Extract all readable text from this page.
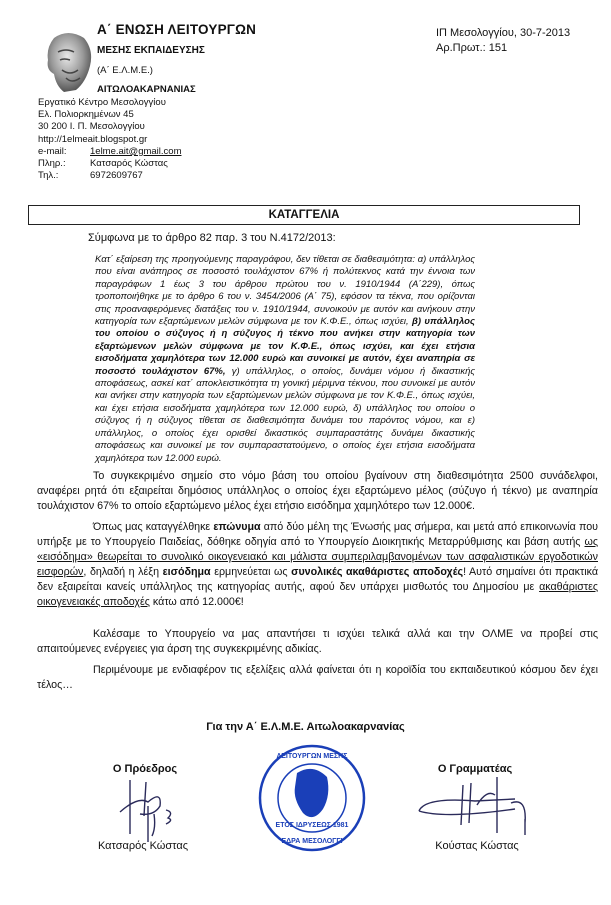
Α΄ ΕΝΩΣΗ ΛΕΙΤΟΥΡΓΩΝ
ΜΕΣΗΣ ΕΚΠΑΙΔΕΥΣΗΣ
(Α΄ Ε.Λ.Μ.Ε.)
ΑΙΤΩΛΟΑΚΑΡΝΑΝΙΑΣ
Εργατικό Κέντρο Μεσολογγίου
Ελ. Πολιορκημένων 45
30 200 Ι. Π. Μεσολογγίου
http://1elmeait.blogspot.gr
e-mail:	1elme.ait@gmail.com
Πληρ.:	Κατσαρός Κώστας
Τηλ.:	6972609767
ΙΠ Μεσολογγίου, 30-7-2013
Αρ.Πρωτ.: 151
ΚΑΤΑΓΓΕΛΙΑ
Σύμφωνα με το άρθρο 82 παρ. 3 του Ν.4172/2013:
Κατ΄ εξαίρεση της προηγούμενης παραγράφου, δεν τίθεται σε διαθεσιμότητα: α) υπάλληλος που είναι ανάπηρος σε ποσοστό τουλάχιστον 67% ή πολύτεκνος κατά την έννοια των παραγράφων 1 έως 3 του άρθρου πρώτου του ν. 1910/1944 (Α΄229), όπως τροποποιήθηκε με το άρθρο 6 του ν. 3454/2006 (Α΄ 75), εφόσον τα τέκνα, που ορίζονται στις προαναφερόμενες διατάξεις του ν. 1910/1944, συνοικούν με αυτόν και ανήκουν στην κατηγορία των εξαρτώμενων μελών σύμφωνα με τον Κ.Φ.Ε., όπως ισχύει, β) υπάλληλος του οποίου ο σύζυγος ή η σύζυγος ή τέκνο που ανήκει στην κατηγορία των εξαρτώμενων μελών σύμφωνα με τον Κ.Φ.Ε., όπως ισχύει, και έχει ετήσια εισοδήματα χαμηλότερα των 12.000 ευρώ και συνοικεί με αυτόν, έχει αναπηρία σε ποσοστό τουλάχιστον 67%, γ) υπάλληλος, ο οποίος, δυνάμει νόμου ή δικαστικής αποφάσεως, ασκεί κατ΄ αποκλειστικότητα τη γονική μέριμνα τέκνου, που συνοικεί με αυτόν και ανήκει στην κατηγορία των εξαρτώμενων μελών σύμφωνα με τον Κ.Φ.Ε., όπως ισχύει, και έχει ετήσια εισοδήματα χαμηλότερα των 12.000 ευρώ, δ) υπάλληλος του οποίου ο σύζυγος ή η σύζυγος τίθεται σε διαθεσιμότητα δυνάμει του παρόντος νόμου, και ε) υπάλληλος, ο οποίος έχει ορισθεί δικαστικός συμπαραστάτης δυνάμει δικαστικής αποφάσεως και συνοικεί με τον συμπαραστατούμενο, ο οποίος έχει ετήσια εισοδήματα χαμηλότερα των 12.000 ευρώ.
Το συγκεκριμένο σημείο στο νόμο βάση του οποίου βγαίνουν στη διαθεσιμότητα 2500 συνάδελφοι, αναφέρει ρητά ότι εξαιρείται δημόσιος υπάλληλος ο οποίος έχει εξαρτώμενο μέλος (σύζυγο ή τέκνο) με αναπηρία τουλάχιστον 67% το οποίο εξαρτώμενο μέλος έχει ετήσιο εισόδημα χαμηλότερο των 12.000€.
Όπως μας καταγγέλθηκε επώνυμα από δύο μέλη της Ένωσής μας σήμερα, και μετά από επικοινωνία που υπήρξε με το Υπουργείο Παιδείας, δόθηκε οδηγία από το Υπουργείο Διοικητικής Μεταρρύθμισης και βάση αυτής ως «εισόδημα» θεωρείται το συνολικό οικογενειακό και μάλιστα συμπεριλαμβανομένων των ασφαλιστικών εργοδοτικών εισφορών, δηλαδή η λέξη εισόδημα ερμηνεύεται ως συνολικές ακαθάριστες αποδοχές! Αυτό σημαίνει ότι πρακτικά δεν εξαιρείται κανείς υπάλληλος της κατηγορίας αυτής, αφού δεν υπάρχει μισθωτός του Δημοσίου με ακαθάριστες οικογενειακές αποδοχές κάτω από 12.000€!
Καλέσαμε το Υπουργείο να μας απαντήσει τι ισχύει τελικά αλλά και την ΟΛΜΕ να προβεί στις απαιτούμενες ενέργειες για άρση της συγκεκριμένης αδικίας.
Περιμένουμε με ενδιαφέρον τις εξελίξεις αλλά φαίνεται ότι η κοροϊδία του εκπαιδευτικού κόσμου δεν έχει τέλος…
Για την Α΄ Ε.Λ.Μ.Ε. Αιτωλοακαρνανίας
Ο Πρόεδρος	Ο Γραμματέας
ΛΕΙΤΟΥΡΓΩΝ ΜΕΣΗΣ
ΕΤΟΣ ΙΔΡΥΣΕΩΣ 1981
ΕΔΡΑ ΜΕΣΟΛΟΓΓΙ
Κατσαρός Κώστας	Κούστας Κώστας
